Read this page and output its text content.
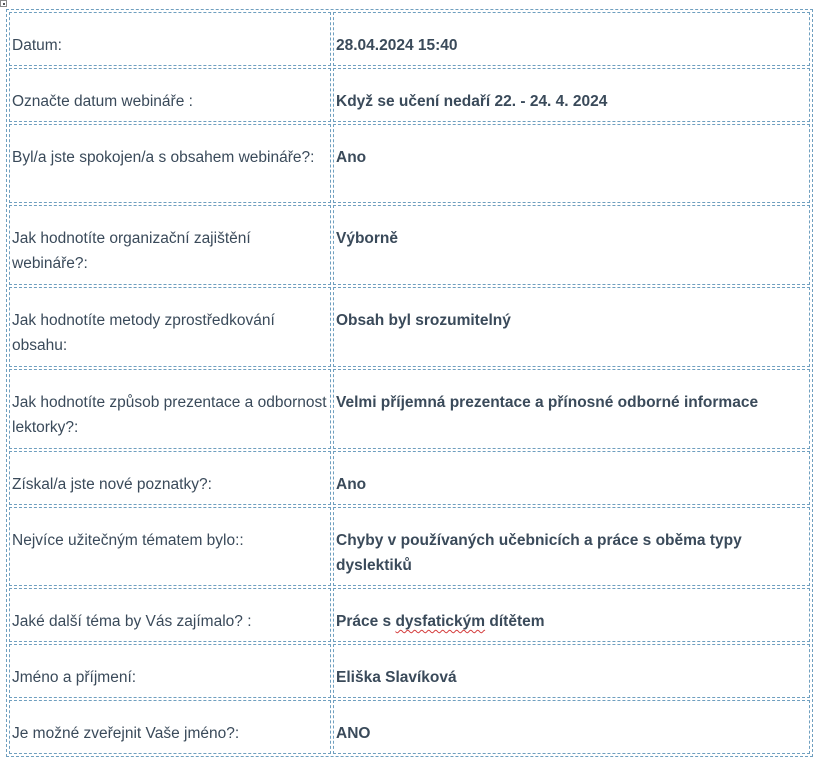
Datum:	28.04.2024 15:40
Označte datum webináře :	Když se učení nedaří 22. - 24. 4. 2024
Byl/a jste spokojen/a s obsahem webináře?:	Ano
Jak hodnotíte organizační zajištění webináře?:	Výborně
Jak hodnotíte metody zprostředkování obsahu:	Obsah byl srozumitelný
Jak hodnotíte způsob prezentace a odbornost lektorky?:	Velmi příjemná prezentace a přínosné odborné informace
Získal/a jste nové poznatky?:	Ano
Nejvíce užitečným tématem bylo::	Chyby v používaných učebnicích a práce s oběma typy dyslektiků
Jaké další téma by Vás zajímalo? :	Práce s dysfatickým dítětem
Jméno a příjmení:	Eliška Slavíková
Je možné zveřejnit Vaše jméno?:	ANO
